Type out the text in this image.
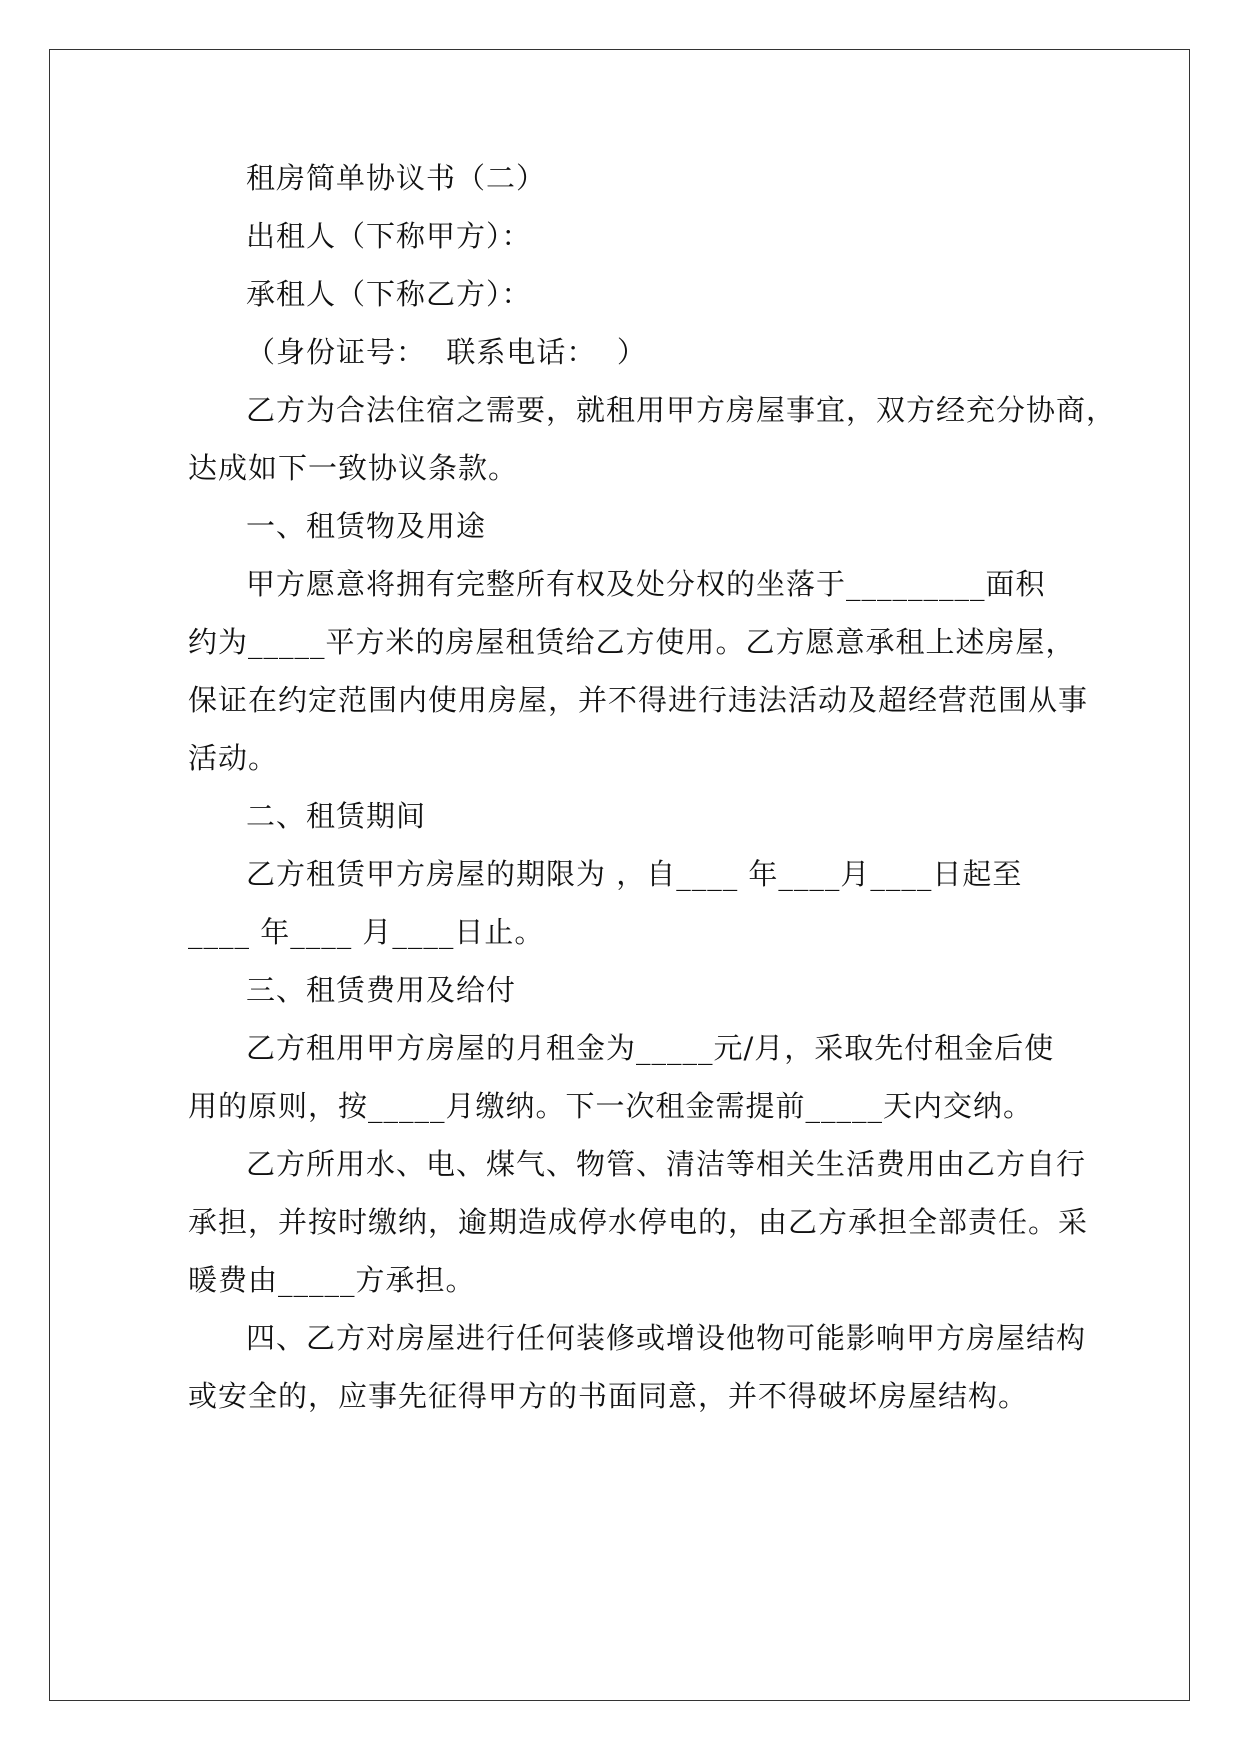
租房简单协议书（二）
出租人（下称甲方）：
承租人（下称乙方）：
（身份证号：  联系电话：  ）
乙方为合法住宿之需要，就租用甲方房屋事宜，双方经充分协商，
达成如下一致协议条款。
一、租赁物及用途
甲方愿意将拥有完整所有权及处分权的坐落于_________面积
约为_____平方米的房屋租赁给乙方使用。乙方愿意承租上述房屋，
保证在约定范围内使用房屋，并不得进行违法活动及超经营范围从事
活动。
二、租赁期间
乙方租赁甲方房屋的期限为 ，自____ 年____月____日起至
____ 年____ 月____日止。
三、租赁费用及给付
乙方租用甲方房屋的月租金为_____元/月，采取先付租金后使
用的原则，按_____月缴纳。下一次租金需提前_____天内交纳。
乙方所用水、电、煤气、物管、清洁等相关生活费用由乙方自行
承担，并按时缴纳，逾期造成停水停电的，由乙方承担全部责任。采
暖费由_____方承担。
四、乙方对房屋进行任何装修或增设他物可能影响甲方房屋结构
或安全的，应事先征得甲方的书面同意，并不得破坏房屋结构。
